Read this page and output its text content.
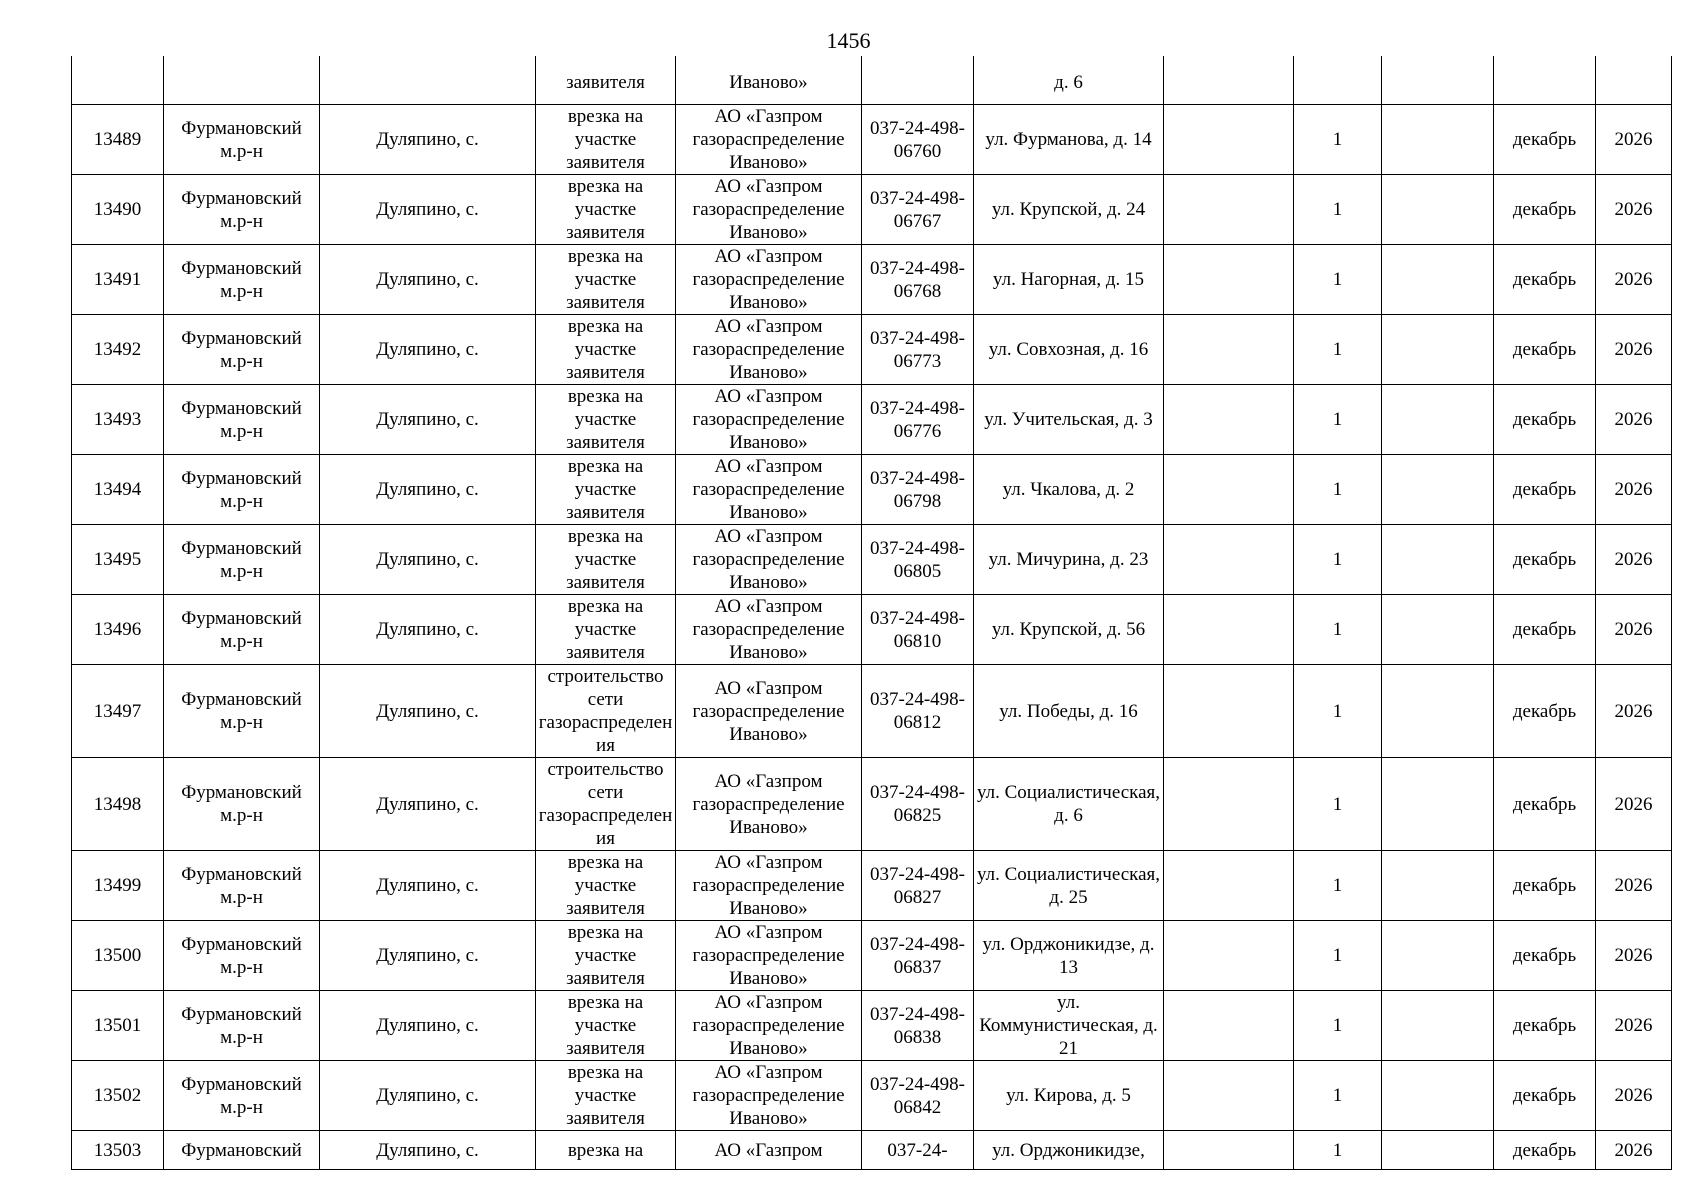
1456
			заявителя	Иваново»		д. 6					
13489	Фурмановский м.р-н	Дуляпино, с.	врезка на участке заявителя	АО «Газпром газораспределение Иваново»	037-24-498-06760	ул. Фурманова, д. 14		1		декабрь	2026
13490	Фурмановский м.р-н	Дуляпино, с.	врезка на участке заявителя	АО «Газпром газораспределение Иваново»	037-24-498-06767	ул. Крупской, д. 24		1		декабрь	2026
13491	Фурмановский м.р-н	Дуляпино, с.	врезка на участке заявителя	АО «Газпром газораспределение Иваново»	037-24-498-06768	ул. Нагорная, д. 15		1		декабрь	2026
13492	Фурмановский м.р-н	Дуляпино, с.	врезка на участке заявителя	АО «Газпром газораспределение Иваново»	037-24-498-06773	ул. Совхозная, д. 16		1		декабрь	2026
13493	Фурмановский м.р-н	Дуляпино, с.	врезка на участке заявителя	АО «Газпром газораспределение Иваново»	037-24-498-06776	ул. Учительская, д. 3		1		декабрь	2026
13494	Фурмановский м.р-н	Дуляпино, с.	врезка на участке заявителя	АО «Газпром газораспределение Иваново»	037-24-498-06798	ул. Чкалова, д. 2		1		декабрь	2026
13495	Фурмановский м.р-н	Дуляпино, с.	врезка на участке заявителя	АО «Газпром газораспределение Иваново»	037-24-498-06805	ул. Мичурина, д. 23		1		декабрь	2026
13496	Фурмановский м.р-н	Дуляпино, с.	врезка на участке заявителя	АО «Газпром газораспределение Иваново»	037-24-498-06810	ул. Крупской, д. 56		1		декабрь	2026
13497	Фурмановский м.р-н	Дуляпино, с.	строительство сети газораспределения	АО «Газпром газораспределение Иваново»	037-24-498-06812	ул. Победы, д. 16		1		декабрь	2026
13498	Фурмановский м.р-н	Дуляпино, с.	строительство сети газораспределения	АО «Газпром газораспределение Иваново»	037-24-498-06825	ул. Социалистическая, д. 6		1		декабрь	2026
13499	Фурмановский м.р-н	Дуляпино, с.	врезка на участке заявителя	АО «Газпром газораспределение Иваново»	037-24-498-06827	ул. Социалистическая, д. 25		1		декабрь	2026
13500	Фурмановский м.р-н	Дуляпино, с.	врезка на участке заявителя	АО «Газпром газораспределение Иваново»	037-24-498-06837	ул. Орджоникидзе, д. 13		1		декабрь	2026
13501	Фурмановский м.р-н	Дуляпино, с.	врезка на участке заявителя	АО «Газпром газораспределение Иваново»	037-24-498-06838	ул. Коммунистическая, д. 21		1		декабрь	2026
13502	Фурмановский м.р-н	Дуляпино, с.	врезка на участке заявителя	АО «Газпром газораспределение Иваново»	037-24-498-06842	ул. Кирова, д. 5		1		декабрь	2026
13503	Фурмановский	Дуляпино, с.	врезка на	АО «Газпром	037-24-	ул. Орджоникидзе,		1		декабрь	2026
